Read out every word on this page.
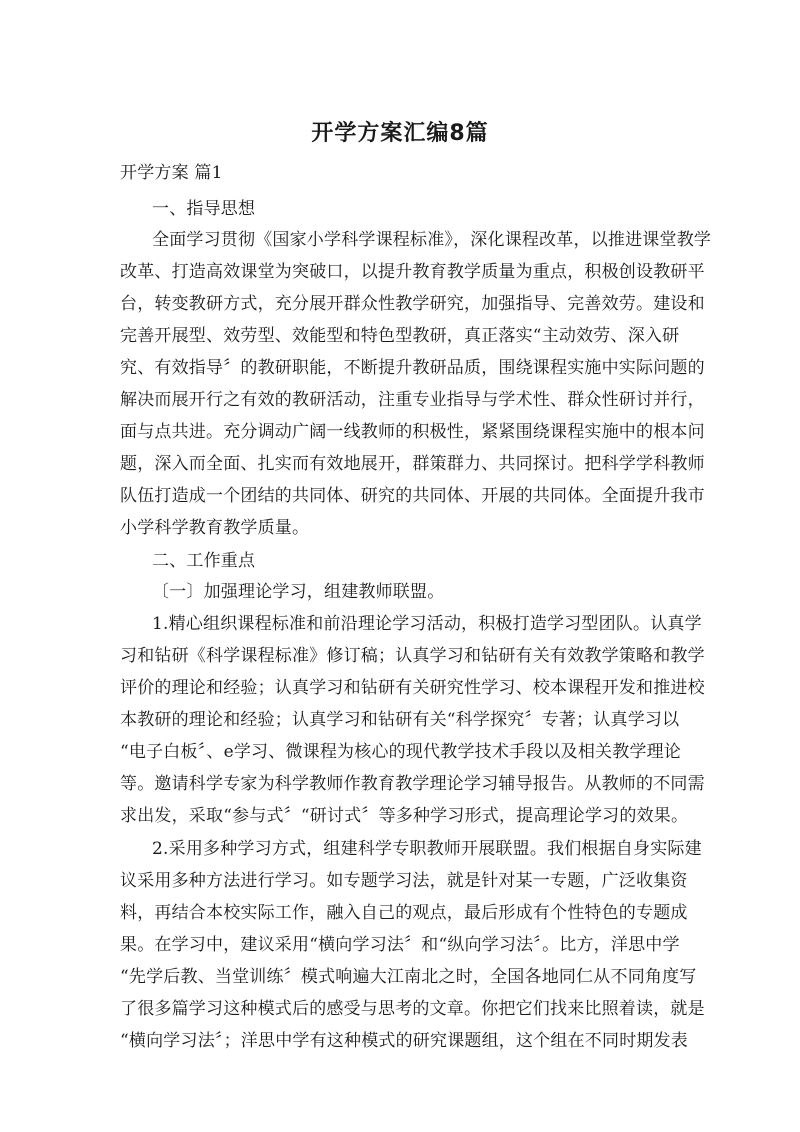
开学方案汇编8篇
开学方案 篇1
一、指导思想
全面学习贯彻《国家小学科学课程标准》，深化课程改革，以推进课堂教学
改革、打造高效课堂为突破口，以提升教育教学质量为重点，积极创设教研平
台，转变教研方式，充分展开群众性教学研究，加强指导、完善效劳。建设和
完善开展型、效劳型、效能型和特色型教研，真正落实“主动效劳、深入研
究、有效指导〞的教研职能，不断提升教研品质，围绕课程实施中实际问题的
解决而展开行之有效的教研活动，注重专业指导与学术性、群众性研讨并行，
面与点共进。充分调动广阔一线教师的积极性，紧紧围绕课程实施中的根本问
题，深入而全面、扎实而有效地展开，群策群力、共同探讨。把科学学科教师
队伍打造成一个团结的共同体、研究的共同体、开展的共同体。全面提升我市
小学科学教育教学质量。
二、工作重点
〔一〕加强理论学习，组建教师联盟。
1.精心组织课程标准和前沿理论学习活动，积极打造学习型团队。认真学
习和钻研《科学课程标准》修订稿；认真学习和钻研有关有效教学策略和教学
评价的理论和经验；认真学习和钻研有关研究性学习、校本课程开发和推进校
本教研的理论和经验；认真学习和钻研有关“科学探究〞专著；认真学习以
“电子白板〞、e学习、微课程为核心的现代教学技术手段以及相关教学理论
等。邀请科学专家为科学教师作教育教学理论学习辅导报告。从教师的不同需
求出发，采取“参与式〞“研讨式〞等多种学习形式，提高理论学习的效果。
2.采用多种学习方式，组建科学专职教师开展联盟。我们根据自身实际建
议采用多种方法进行学习。如专题学习法，就是针对某一专题，广泛收集资
料，再结合本校实际工作，融入自己的观点，最后形成有个性特色的专题成
果。在学习中，建议采用“横向学习法〞和“纵向学习法〞。比方，洋思中学
“先学后教、当堂训练〞模式响遍大江南北之时，全国各地同仁从不同角度写
了很多篇学习这种模式后的感受与思考的文章。你把它们找来比照着读，就是
“横向学习法〞；洋思中学有这种模式的研究课题组，这个组在不同时期发表
